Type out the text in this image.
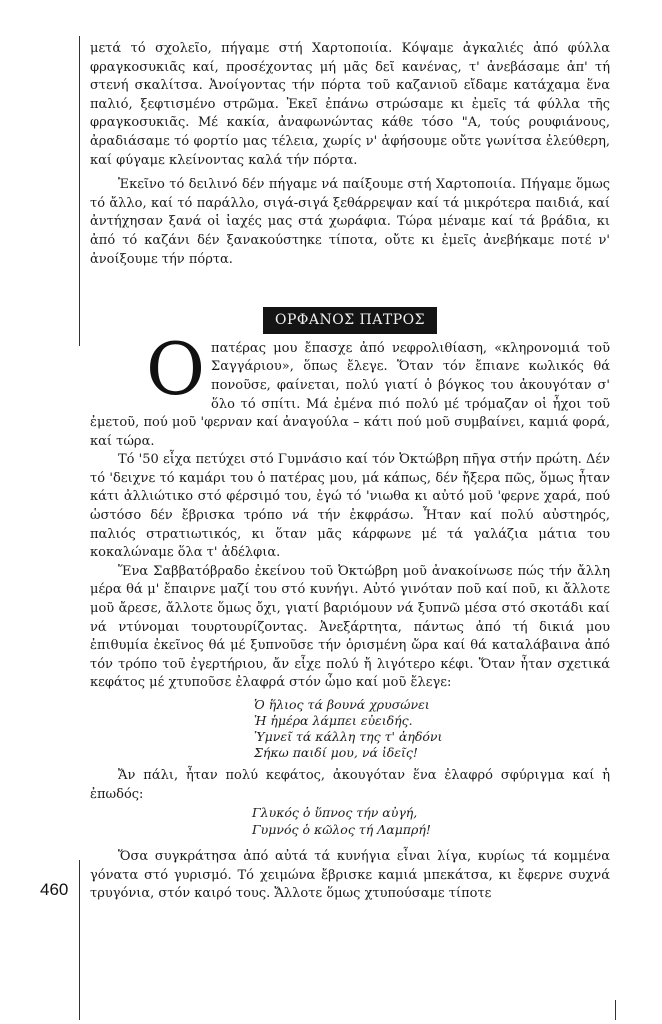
460

μετά τό σχολεῖο, πήγαμε στή Χαρτοποιία. Κόψαμε ἀγκαλιές ἀπό φύλλα φραγκοσυκιᾶς καί, προσέχοντας μή μᾶς δεῖ κανένας, τ' ἀνεβάσαμε ἀπ' τή στενή σκαλίτσα. Ἀνοίγοντας τήν πόρτα τοῦ καζανιοῦ εἴδαμε κατάχαμα ἕνα παλιό, ξεφτισμένο στρῶμα. Ἐκεῖ ἐπάνω στρώσαμε κι ἐμεῖς τά φύλλα τῆς φραγκοσυκιᾶς. Μέ κακία, ἀναφωνώντας κάθε τόσο "Α, τούς ρουφιάνους, ἀραδιάσαμε τό φορτίο μας τέλεια, χωρίς ν' ἀφήσουμε οὔτε γωνίτσα ἐλεύθερη, καί φύγαμε κλείνοντας καλά τήν πόρτα.

Ἐκεῖνο τό δειλινό δέν πήγαμε νά παίξουμε στή Χαρτοποιία. Πήγαμε ὅμως τό ἄλλο, καί τό παράλλο, σιγά-σιγά ξεθάρρεψαν καί τά μικρότερα παιδιά, καί ἀντήχησαν ξανά οἱ ἰαχές μας στά χωράφια. Τώρα μέναμε καί τά βράδια, κι ἀπό τό καζάνι δέν ξανακούστηκε τίποτα, οὔτε κι ἐμεῖς ἀνεβήκαμε ποτέ ν' ἀνοίξουμε τήν πόρτα.

ΟΡΦΑΝΟΣ ΠΑΤΡΟΣ

Οπατέρας μου ἔπασχε ἀπό νεφρολιθίαση, «κληρονομιά τοῦ Σαγγάριου», ὅπως ἔλεγε. Ὅταν τόν ἔπιανε κωλικός θά πονοῦσε, φαίνεται, πολύ γιατί ὁ βόγκος του ἀκουγόταν σ' ὅλο τό σπίτι. Μά ἐμένα πιό πολύ μέ τρόμαζαν οἱ ἦχοι τοῦ ἐμετοῦ, πού μοῦ 'φερναν καί ἀναγούλα – κάτι πού μοῦ συμβαίνει, καμιά φορά, καί τώρα.

Τό '50 εἶχα πετύχει στό Γυμνάσιο καί τόν Ὀκτώβρη πῆγα στήν πρώτη. Δέν τό 'δειχνε τό καμάρι του ὁ πατέρας μου, μά κάπως, δέν ἤξερα πῶς, ὅμως ἦταν κάτι ἀλλιώτικο στό φέρσιμό του, ἐγώ τό 'νιωθα κι αὐτό μοῦ 'φερνε χαρά, πού ὡστόσο δέν ἔβρισκα τρόπο νά τήν ἐκφράσω. Ἦταν καί πολύ αὐστηρός, παλιός στρατιωτικός, κι ὅταν μᾶς κάρφωνε μέ τά γαλάζια μάτια του κοκαλώναμε ὅλα τ' ἀδέλφια.

Ἕνα Σαββατόβραδο ἐκείνου τοῦ Ὀκτώβρη μοῦ ἀνακοίνωσε πώς τήν ἄλλη μέρα θά μ' ἔπαιρνε μαζί του στό κυνήγι. Αὐτό γινόταν ποῦ καί ποῦ, κι ἄλλοτε μοῦ ἄρεσε, ἄλλοτε ὅμως ὄχι, γιατί βαριόμουν νά ξυπνῶ μέσα στό σκοτάδι καί νά ντύνομαι τουρτουρίζοντας. Ἀνεξάρτητα, πάντως ἀπό τή δικιά μου ἐπιθυμία ἐκεῖνος θά μέ ξυπνοῦσε τήν ὁρισμένη ὥρα καί θά καταλάβαινα ἀπό τόν τρόπο τοῦ ἐγερτήριου, ἄν εἶχε πολύ ἤ λιγότερο κέφι. Ὅταν ἦταν σχετικά κεφάτος μέ χτυποῦσε ἐλαφρά στόν ὦμο καί μοῦ ἔλεγε:

Ὁ ἥλιος τά βουνά χρυσώνει
Ἡ ἡμέρα λάμπει εὐειδής.
Ὑμνεῖ τά κάλλη της τ' ἀηδόνι
Σήκω παιδί μου, νά ἰδεῖς!

Ἄν πάλι, ἦταν πολύ κεφάτος, ἀκουγόταν ἕνα ἐλαφρό σφύριγμα καί ἡ ἐπωδός:

Γλυκός ὁ ὕπνος τήν αὐγή,
Γυμνός ὁ κῶλος τή Λαμπρή!

Ὅσα συγκράτησα ἀπό αὐτά τά κυνήγια εἶναι λίγα, κυρίως τά κομμένα γόνατα στό γυρισμό. Τό χειμώνα ἔβρισκε καμιά μπεκάτσα, κι ἔφερνε συχνά τρυγόνια, στόν καιρό τους. Ἄλλοτε ὅμως χτυπούσαμε τίποτε
